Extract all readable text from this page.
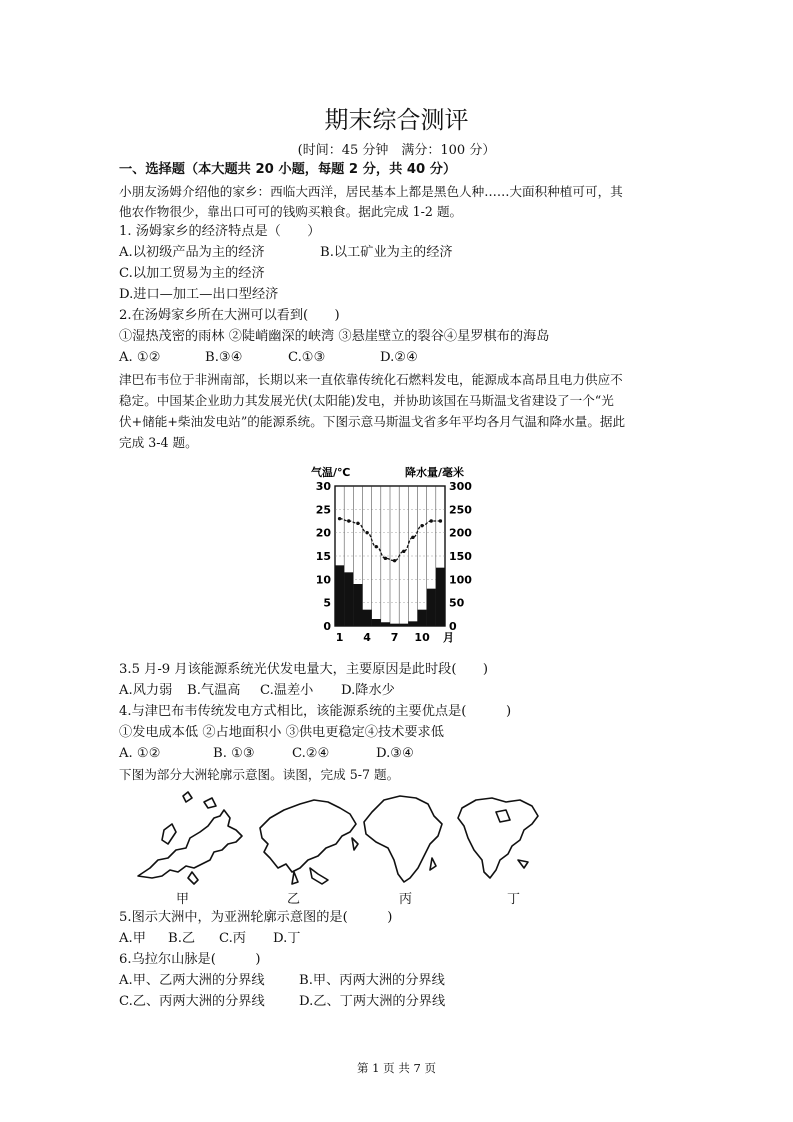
期末综合测评
(时间：45 分钟　满分：100 分）
一、选择题（本大题共 20 小题，每题 2 分，共 40 分）
小朋友汤姆介绍他的家乡：西临大西洋，居民基本上都是黑色人种……大面积种植可可，其
他农作物很少，靠出口可可的钱购买粮食。据此完成 1-2 题。
1. 汤姆家乡的经济特点是（　　）
A.以初级产品为主的经济	B.以工矿业为主的经济
C.以加工贸易为主的经济
D.进口—加工—出口型经济
2.在汤姆家乡所在大洲可以看到(　　)
①湿热茂密的雨林 ②陡峭幽深的峡湾 ③悬崖壁立的裂谷④星罗棋布的海岛
A. ①②	B.③④	C.①③	D.②④
津巴布韦位于非洲南部，长期以来一直依靠传统化石燃料发电，能源成本高昂且电力供应不
稳定。中国某企业助力其发展光伏(太阳能)发电，并协助该国在马斯温戈省建设了一个“光
伏+储能+柴油发电站”的能源系统。下图示意马斯温戈省多年平均各月气温和降水量。据此
完成 3-4 题。
气温/℃	降水量/毫米
30
25
20
15
10
5
0
300
250
200
150
100
50
0
1 4 7 10 月
3.5 月-9 月该能源系统光伏发电量大，主要原因是此时段(　　)
A.风力弱 B.气温高 C.温差小 D.降水少
4.与津巴布韦传统发电方式相比，该能源系统的主要优点是(　　　)
①发电成本低 ②占地面积小 ③供电更稳定④技术要求低
A. ①②	B. ①③	C.②④	D.③④
下图为部分大洲轮廓示意图。读图，完成 5-7 题。
甲	乙	丙	丁
5.图示大洲中，为亚洲轮廓示意图的是(　　　)
A.甲 B.乙 C.丙 D.丁
6.乌拉尔山脉是(　　　)
A.甲、乙两大洲的分界线	B.甲、丙两大洲的分界线
C.乙、丙两大洲的分界线	D.乙、丁两大洲的分界线
第 1 页 共 7 页
